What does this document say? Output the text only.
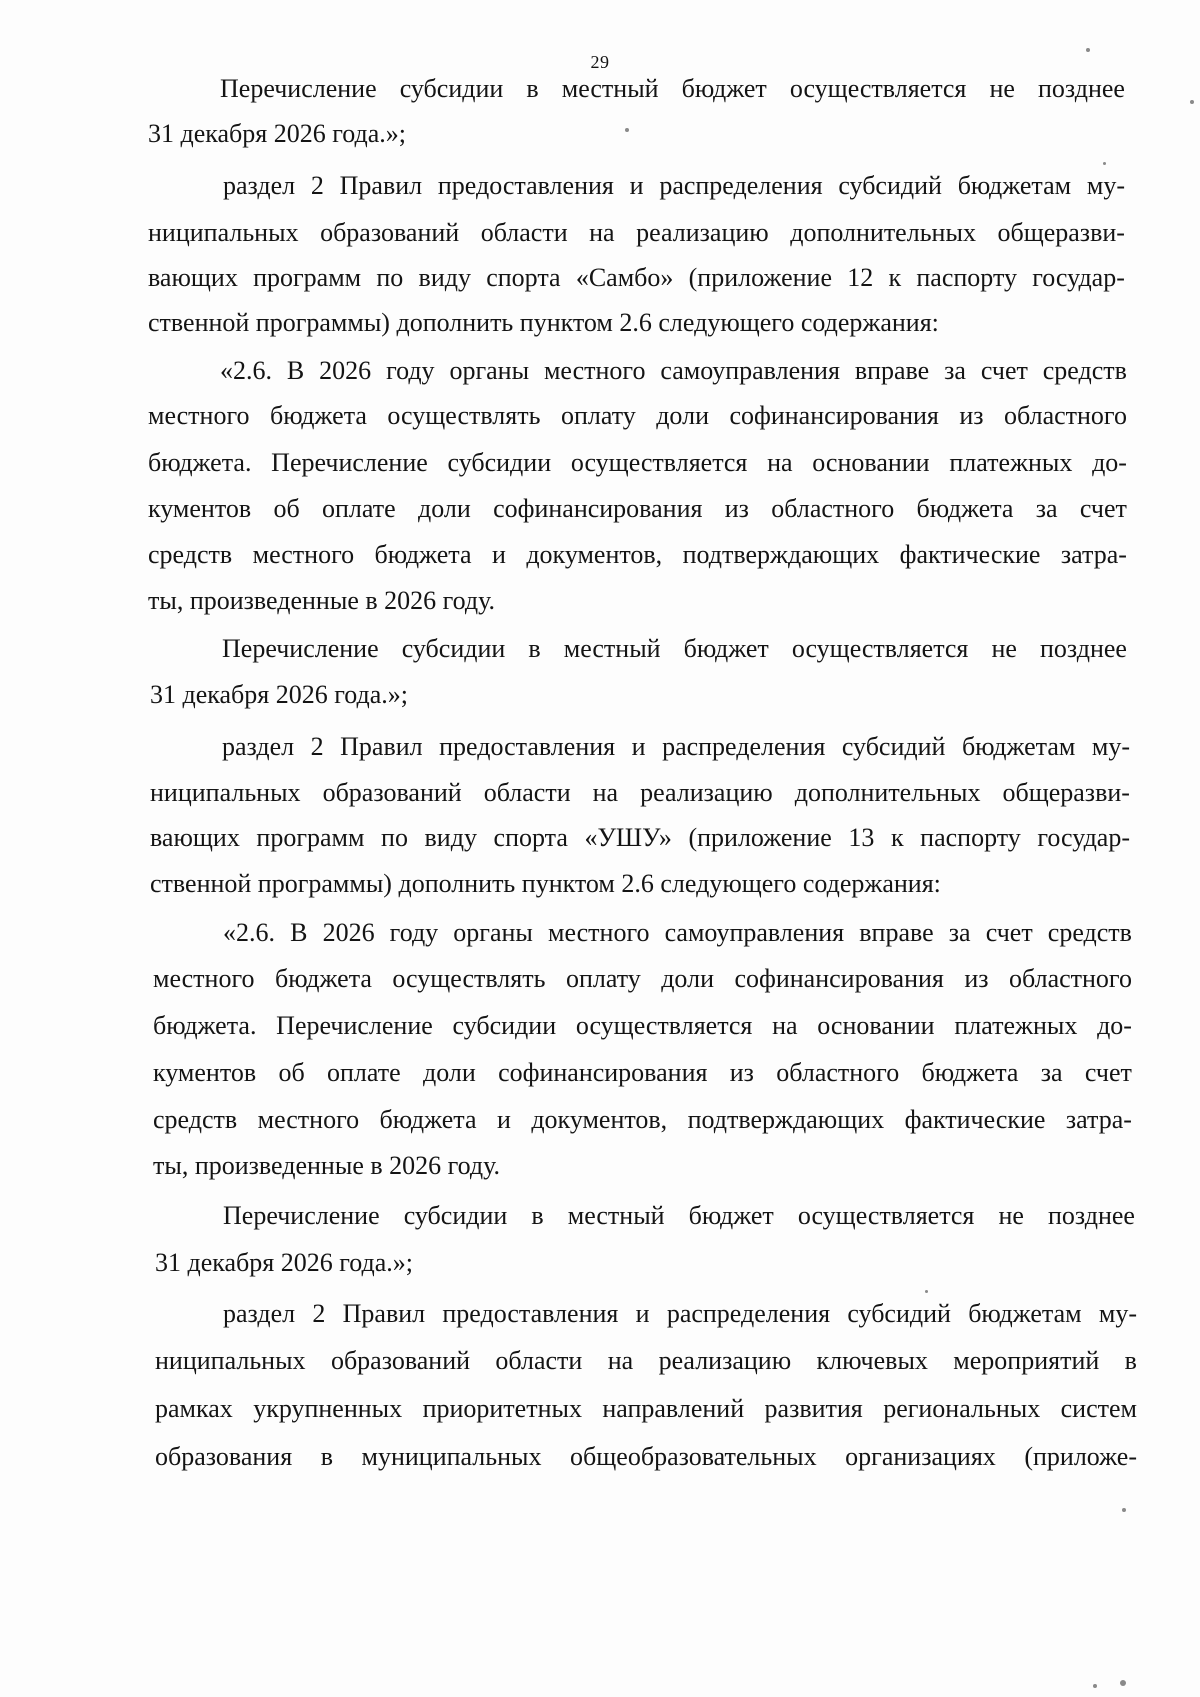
29
Перечисление субсидии в местный бюджет осуществляется не позднее
31 декабря 2026 года.»;
раздел 2 Правил предоставления и распределения субсидий бюджетам му-
ниципальных образований области на реализацию дополнительных общеразви-
вающих программ по виду спорта «Самбо» (приложение 12 к паспорту государ-
ственной программы) дополнить пунктом 2.6 следующего содержания:
«2.6. В 2026 году органы местного самоуправления вправе за счет средств
местного бюджета осуществлять оплату доли софинансирования из областного
бюджета. Перечисление субсидии осуществляется на основании платежных до-
кументов об оплате доли софинансирования из областного бюджета за счет
средств местного бюджета и документов, подтверждающих фактические затра-
ты, произведенные в 2026 году.
Перечисление субсидии в местный бюджет осуществляется не позднее
31 декабря 2026 года.»;
раздел 2 Правил предоставления и распределения субсидий бюджетам му-
ниципальных образований области на реализацию дополнительных общеразви-
вающих программ по виду спорта «УШУ» (приложение 13 к паспорту государ-
ственной программы) дополнить пунктом 2.6 следующего содержания:
«2.6. В 2026 году органы местного самоуправления вправе за счет средств
местного бюджета осуществлять оплату доли софинансирования из областного
бюджета. Перечисление субсидии осуществляется на основании платежных до-
кументов об оплате доли софинансирования из областного бюджета за счет
средств местного бюджета и документов, подтверждающих фактические затра-
ты, произведенные в 2026 году.
Перечисление субсидии в местный бюджет осуществляется не позднее
31 декабря 2026 года.»;
раздел 2 Правил предоставления и распределения субсидий бюджетам му-
ниципальных образований области на реализацию ключевых мероприятий в
рамках укрупненных приоритетных направлений развития региональных систем
образования в муниципальных общеобразовательных организациях (приложе-
